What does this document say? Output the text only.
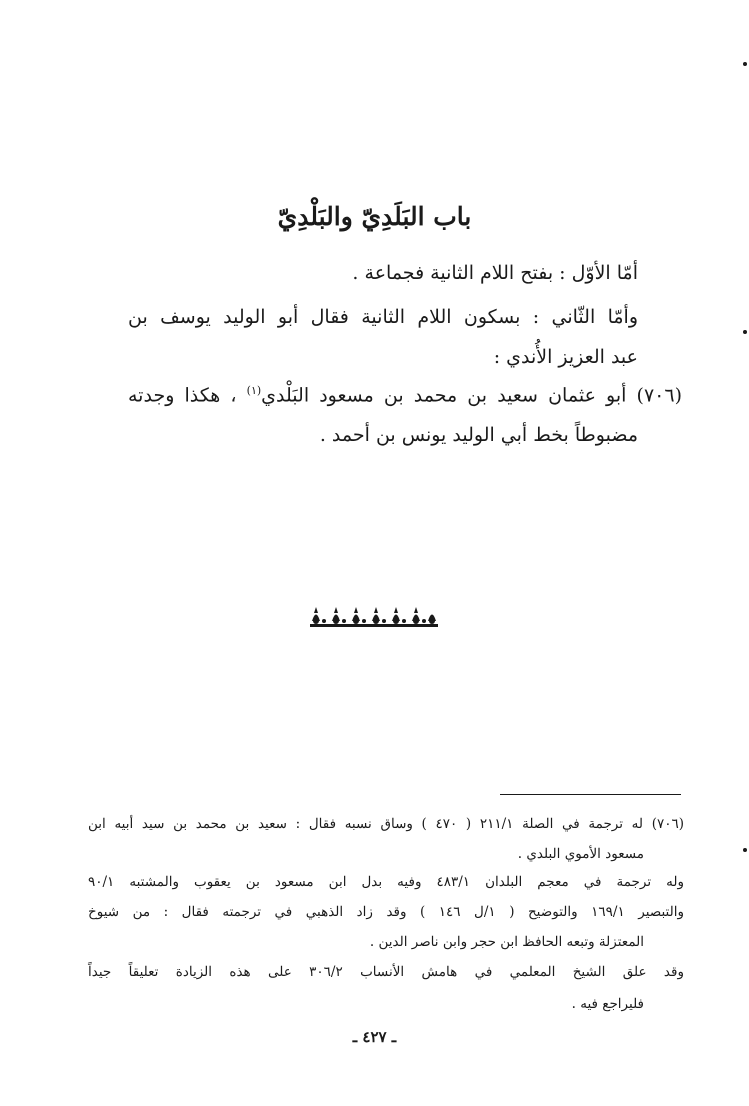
باب البَلَدِيّ والبَلْدِيّ
أمّا الأوّل : بفتح اللام الثانية فجماعة .
وأمّا الثّاني : بسكون اللام الثانية فقال أبو الوليد يوسف بن
عبد العزيز الأُندي :
(٧٠٦) أبو عثمان سعيد بن محمد بن مسعود البَلْدي$^{(١)}$ ، هكذا وجدته
مضبوطاً بخط أبي الوليد يونس بن أحمد .
(٧٠٦) له ترجمة في الصلة ٢١١/١ ( ٤٧٠ ) وساق نسبه فقال : سعيد بن محمد بن سيد أبيه ابن
مسعود الأموي البلدي .
وله ترجمة في معجم البلدان ٤٨٣/١ وفيه بدل ابن مسعود بن يعقوب والمشتبه ٩٠/١
والتبصير ١٦٩/١ والتوضيح ( ١/ل ١٤٦ ) وقد زاد الذهبي في ترجمته فقال : من شيوخ
المعتزلة وتبعه الحافظ ابن حجر وابن ناصر الدين .
وقد علق الشيخ المعلمي في هامش الأنساب ٣٠٦/٢ على هذه الزيادة تعليقاً جيداً
فليراجع فيه .
ـ ٤٢٧ ـ
